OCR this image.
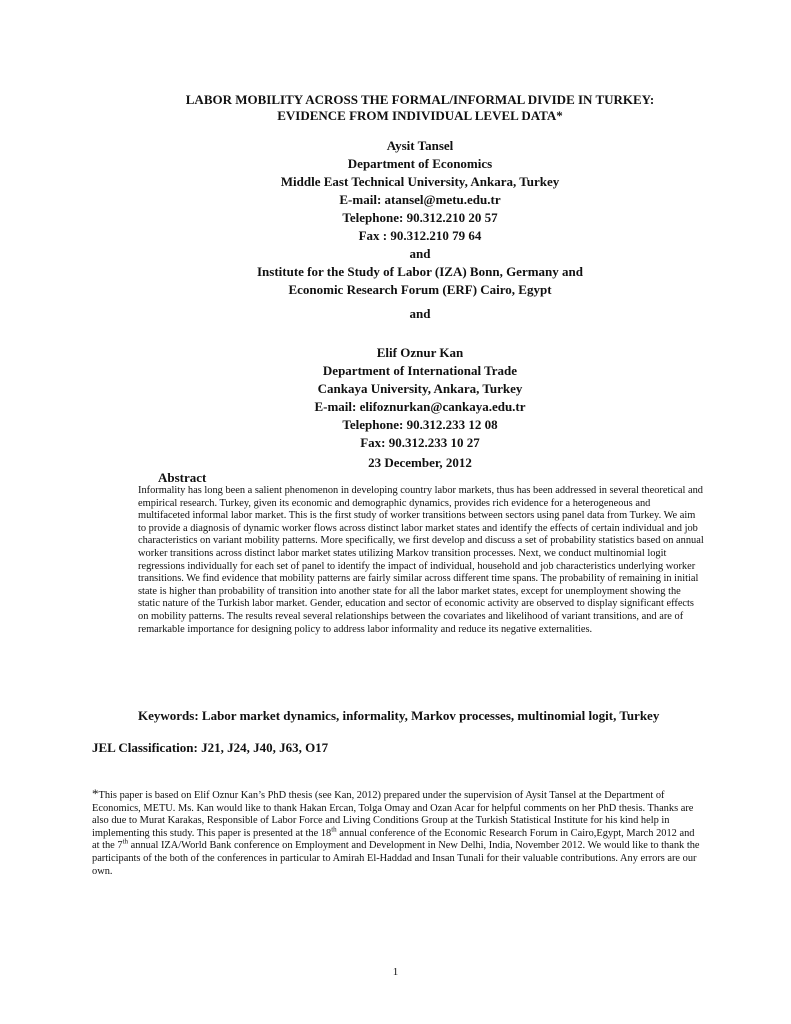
LABOR MOBILITY ACROSS THE FORMAL/INFORMAL DIVIDE IN TURKEY:
EVIDENCE FROM INDIVIDUAL LEVEL DATA*
Aysit Tansel
Department of Economics
Middle East Technical University, Ankara, Turkey
E-mail: atansel@metu.edu.tr
Telephone: 90.312.210 20 57
Fax : 90.312.210 79 64
and
Institute for the Study of Labor (IZA) Bonn, Germany and
Economic Research Forum (ERF) Cairo, Egypt
and
Elif Oznur Kan
Department of International Trade
Cankaya University, Ankara, Turkey
E-mail: elifoznurkan@cankaya.edu.tr
Telephone: 90.312.233 12 08
Fax: 90.312.233 10 27
23 December, 2012
Abstract
Informality has long been a salient phenomenon in developing country labor markets, thus has been addressed in several theoretical and empirical research. Turkey, given its economic and demographic dynamics, provides rich evidence for a heterogeneous and multifaceted informal labor market. This is the first study of worker transitions between sectors using panel data from Turkey. We aim to provide a diagnosis of dynamic worker flows across distinct labor market states and identify the effects of certain individual and job characteristics on variant mobility patterns. More specifically, we first develop and discuss a set of probability statistics based on annual worker transitions across distinct labor market states utilizing Markov transition processes. Next, we conduct multinomial logit regressions individually for each set of panel to identify the impact of individual, household and job characteristics underlying worker transitions. We find evidence that mobility patterns are fairly similar across different time spans. The probability of remaining in initial state is higher than probability of transition into another state for all the labor market states, except for unemployment showing the static nature of the Turkish labor market. Gender, education and sector of economic activity are observed to display significant effects on mobility patterns. The results reveal several relationships between the covariates and likelihood of variant transitions, and are of remarkable importance for designing policy to address labor informality and reduce its negative externalities.
Keywords: Labor market dynamics, informality, Markov processes, multinomial logit, Turkey
JEL Classification: J21, J24, J40, J63, O17
*This paper is based on Elif Oznur Kan’s PhD thesis (see Kan, 2012) prepared under the supervision of Aysit Tansel at the Department of Economics, METU. Ms. Kan would like to thank Hakan Ercan, Tolga Omay and Ozan Acar for helpful comments on her PhD thesis. Thanks are also due to Murat Karakas, Responsible of Labor Force and Living Conditions Group at the Turkish Statistical Institute for his kind help in implementing this study. This paper is presented at the 18th annual conference of the Economic Research Forum in Cairo,Egypt, March 2012 and at the 7th annual IZA/World Bank conference on Employment and Development in New Delhi, India, November 2012. We would like to thank the participants of the both of the conferences in particular to Amirah El-Haddad and Insan Tunali for their valuable contributions. Any errors are our own.
1
